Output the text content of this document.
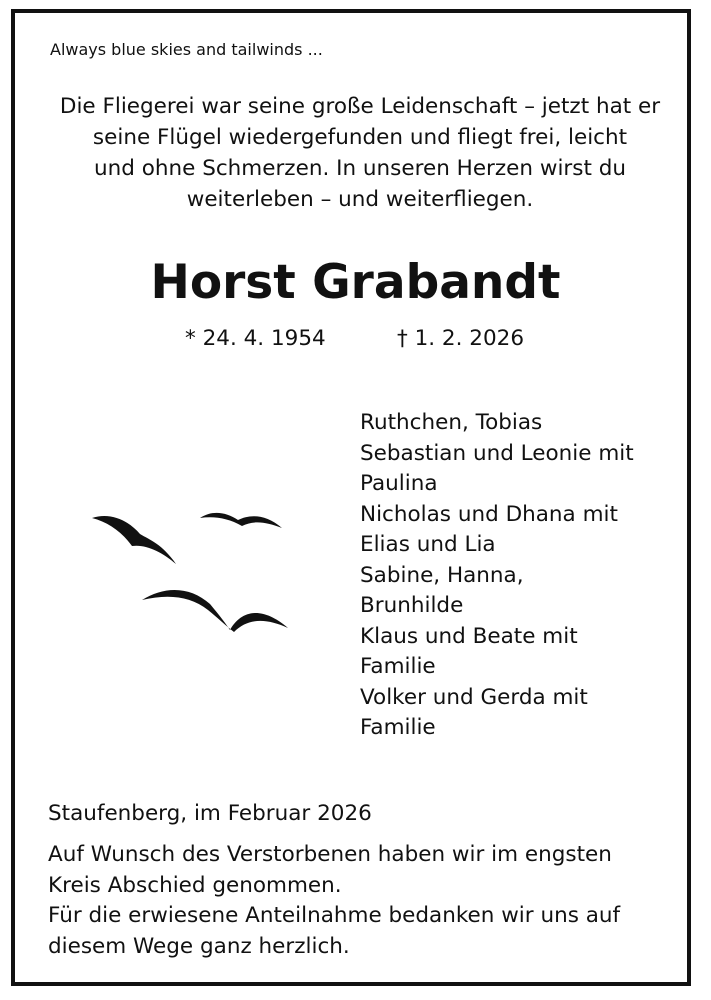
Always blue skies and tailwinds ...
Die Fliegerei war seine große Leidenschaft – jetzt hat er
seine Flügel wiedergefunden und fliegt frei, leicht
und ohne Schmerzen. In unseren Herzen wirst du
weiterleben – und weiterfliegen.
Horst Grabandt
* 24. 4. 1954	† 1. 2. 2026
Ruthchen, Tobias
Sebastian und Leonie mit
Paulina
Nicholas und Dhana mit
Elias und Lia
Sabine, Hanna,
Brunhilde
Klaus und Beate mit
Familie
Volker und Gerda mit
Familie
Staufenberg, im Februar 2026
Auf Wunsch des Verstorbenen haben wir im engsten
Kreis Abschied genommen.
Für die erwiesene Anteilnahme bedanken wir uns auf
diesem Wege ganz herzlich.
